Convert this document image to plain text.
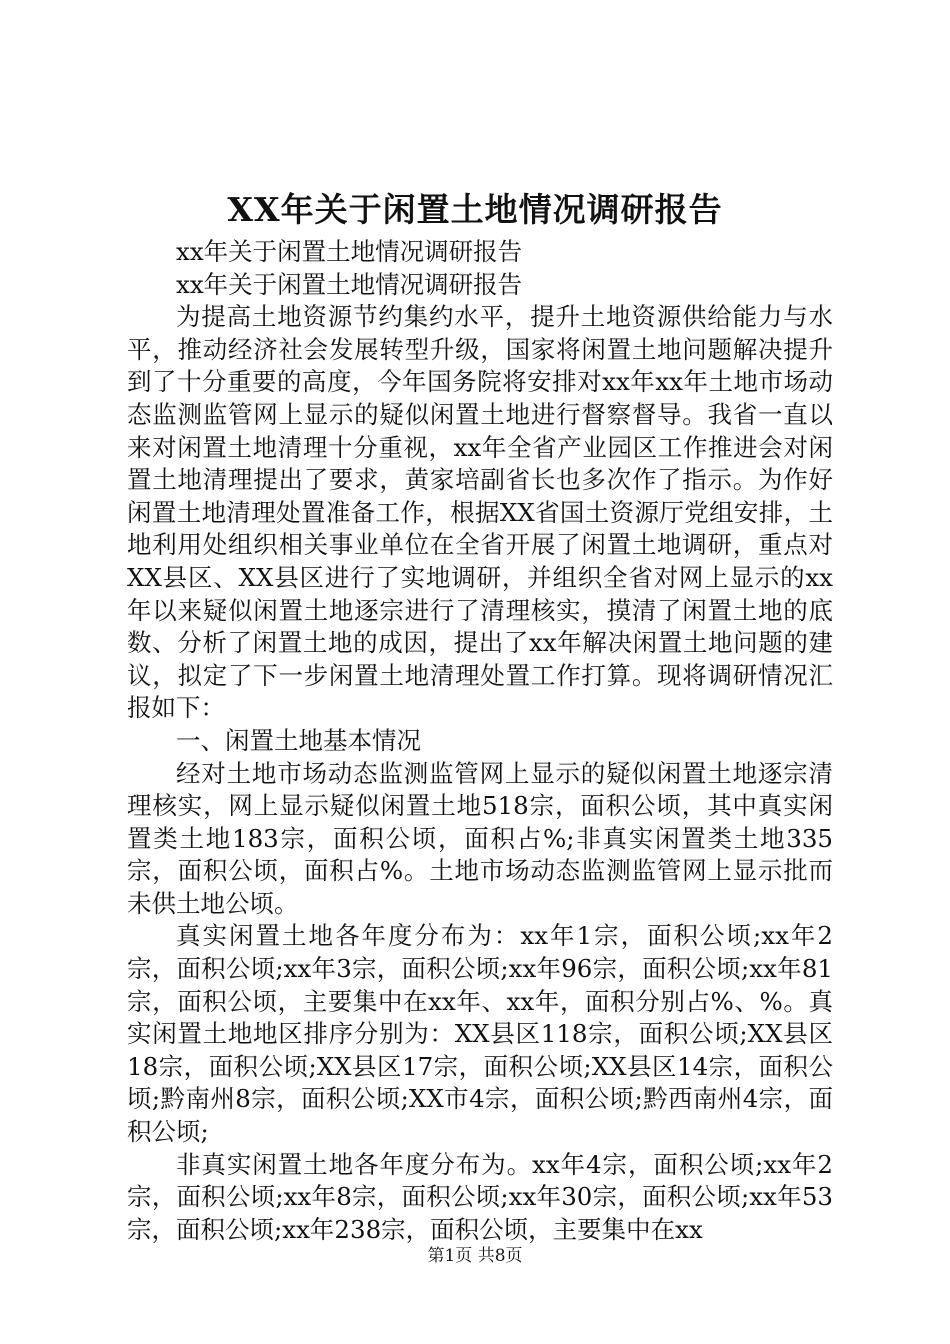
XX年关于闲置土地情况调研报告

xx年关于闲置土地情况调研报告

xx年关于闲置土地情况调研报告

为提高土地资源节约集约水平，提升土地资源供给能力与水平，推动经济社会发展转型升级，国家将闲置土地问题解决提升到了十分重要的高度，今年国务院将安排对xx年xx年土地市场动态监测监管网上显示的疑似闲置土地进行督察督导。我省一直以来对闲置土地清理十分重视，xx年全省产业园区工作推进会对闲置土地清理提出了要求，黄家培副省长也多次作了指示。为作好闲置土地清理处置准备工作，根据XX省国土资源厅党组安排，土地利用处组织相关事业单位在全省开展了闲置土地调研，重点对XX县区、XX县区进行了实地调研，并组织全省对网上显示的xx年以来疑似闲置土地逐宗进行了清理核实，摸清了闲置土地的底数、分析了闲置土地的成因，提出了xx年解决闲置土地问题的建议，拟定了下一步闲置土地清理处置工作打算。现将调研情况汇报如下：

一、闲置土地基本情况

经对土地市场动态监测监管网上显示的疑似闲置土地逐宗清理核实，网上显示疑似闲置土地518宗，面积公顷，其中真实闲置类土地183宗，面积公顷，面积占%;非真实闲置类土地335宗，面积公顷，面积占%。土地市场动态监测监管网上显示批而未供土地公顷。

真实闲置土地各年度分布为：xx年1宗，面积公顷;xx年2宗，面积公顷;xx年3宗，面积公顷;xx年96宗，面积公顷;xx年81宗，面积公顷，主要集中在xx年、xx年，面积分别占%、%。真实闲置土地地区排序分别为：XX县区118宗，面积公顷;XX县区18宗，面积公顷;XX县区17宗，面积公顷;XX县区14宗，面积公顷;黔南州8宗，面积公顷;XX市4宗，面积公顷;黔西南州4宗，面积公顷;

非真实闲置土地各年度分布为。xx年4宗，面积公顷;xx年2宗，面积公顷;xx年8宗，面积公顷;xx年30宗，面积公顷;xx年53宗，面积公顷;xx年238宗，面积公顷，主要集中在xx

第1页 共8页
